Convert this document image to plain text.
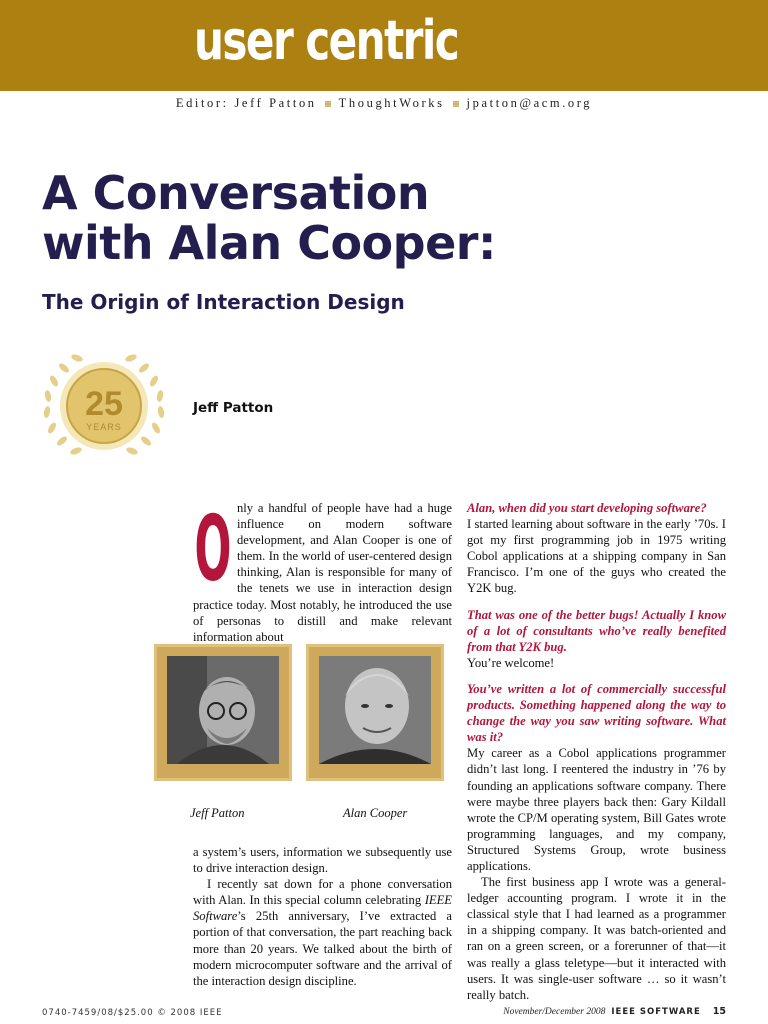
user centric
Editor: Jeff Patton ThoughtWorks jpatton@acm.org
A Conversation
with Alan Cooper:
The Origin of Interaction Design
25
YEARS
Jeff Patton

O nly a handful of people have had a huge influence on modern software development, and Alan Cooper is one of them. In the world of user-centered design thinking, Alan is responsible for many of the tenets we use in interaction design practice today. Most notably, he introduced the use of personas to distill and make relevant information about

Jeff Patton	Alan Cooper

a system’s users, information we subsequently use to drive interaction design.

I recently sat down for a phone conversation with Alan. In this special column celebrating IEEE Software’s 25th anniversary, I’ve extracted a portion of that conversation, the part reaching back more than 20 years. We talked about the birth of modern microcomputer software and the arrival of the interaction design discipline.

Alan, when did you start developing software?

I started learning about software in the early ’70s. I got my first programming job in 1975 writing Cobol applications at a shipping company in San Francisco. I’m one of the guys who created the Y2K bug.

That was one of the better bugs! Actually I know of a lot of consultants who’ve really benefited from that Y2K bug.

You’re welcome!

You’ve written a lot of commercially successful products. Something happened along the way to change the way you saw writing software. What was it?

My career as a Cobol applications programmer didn’t last long. I reentered the industry in ’76 by founding an applications software company. There were maybe three players back then: Gary Kildall wrote the CP/M operating system, Bill Gates wrote programming languages, and my company, Structured Systems Group, wrote business applications.

The first business app I wrote was a general-ledger accounting program. I wrote it in the classical style that I had learned as a programmer in a shipping company. It was batch-oriented and ran on a green screen, or a forerunner of that—it was really a glass teletype—but it interacted with users. It was single-user software … so it wasn’t really batch.

0740-7459/08/$25.00 © 2008 IEEE	November/December 2008 IEEE SOFTWARE 15
